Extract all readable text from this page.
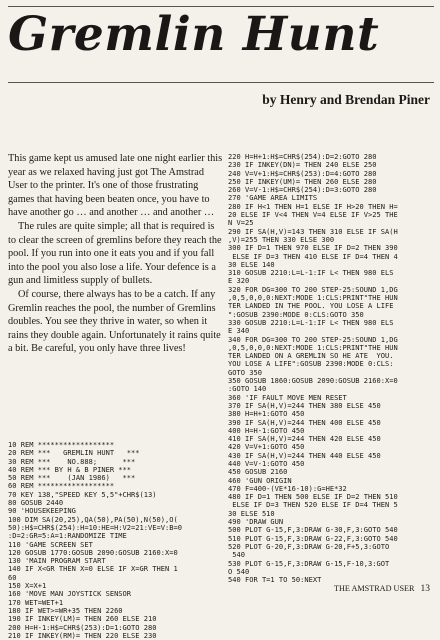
Gremlin Hunt

by Henry and Brendan Piner

This game kept us amused late one night earlier this year as we relaxed having just got The Amstrad User to the printer. It's one of those frustrating games that having been beaten once, you have to have another go … and another … and another …

The rules are quite simple; all that is required is to clear the screen of gremlins before they reach the pool. If you run into one it eats you and if you fall into the pool you also lose a life. Your defence is a gun and limitless supply of bullets.

Of course, there always has to be a catch. If any Gremlin reaches the pool, the number of Gremlins doubles. You see they thrive in water, so when it rains they double again. Unfortunately it rains quite a bit. Be careful, you only have three lives!

10 REM ******************
20 REM ***   GREMLIN HUNT   ***
30 REM ***    NO.888;      ***
40 REM *** BY H & B PINER ***
50 REM ***    (JAN 1986)   ***
60 REM ******************
70 KEY 138,"SPEED KEY 5,5"+CHR$(13)
80 GOSUB 2440
90 'HOUSEKEEPING
100 DIM SA(20,25),QA(50),PA(50),N(50),O(
50):H$=CHR$(254):H=10:HE=H:V2=21:VE=V:B=0
:D=2:GR=5:A=1:RANDOMIZE TIME
110 'GAME SCREEN SET
120 GOSUB 1770:GOSUB 2090:GOSUB 2160:X=0
130 'MAIN PROGRAM START
140 IF X<GR THEN X=0 ELSE IF X=GR THEN 1
60
150 X=X+1
160 'MOVE MAN JOYSTICK SENSOR
170 WET=WET+1
180 IF WET>=WR+35 THEN 2260
190 IF INKEY(LM)= THEN 260 ELSE 210
200 H=H-1:H$=CHR$(253):D=1:GOTO 280
210 IF INKEY(RM)= THEN 220 ELSE 230
220 H=H+1:H$=CHR$(254):D=2:GOTO 280
230 IF INKEY(DN)= THEN 240 ELSE 250
240 V=V+1:H$=CHR$(253):D=4:GOTO 280
250 IF INKEY(UM)= THEN 260 ELSE 280
260 V=V-1:H$=CHR$(254):D=3:GOTO 280
270 'GAME AREA LIMITS
280 IF H<1 THEN H=1 ELSE IF H>20 THEN H=
20 ELSE IF V<4 THEN V=4 ELSE IF V>25 THE
N V=25
290 IF SA(H,V)=143 THEN 310 ELSE IF SA(H
,V)=255 THEN 330 ELSE 300
300 IF D=1 THEN 970 ELSE IF D=2 THEN 390
ELSE IF D=3 THEN 410 ELSE IF D=4 THEN 4
30 ELSE 140
310 GOSUB 2210:L=L-1:IF L< THEN 980 ELS
E 320
320 FOR DG=300 TO 200 STEP-25:SOUND 1,DG
,0,5,0,0,0:NEXT:MODE 1:CLS:PRINT"THE HUN
TER LANDED IN THE POOL. YOU LOSE A LIFE
":GOSUB 2390:MODE 0:CLS:GOTO 350
330 GOSUB 2210:L=L-1:IF L< THEN 980 ELS
E 340
340 FOR DG=300 TO 200 STEP-25:SOUND 1,DG
,0,5,0,0,0:NEXT:MODE 1:CLS:PRINT"THE HUN
TER LANDED ON A GREMLIN SO HE ATE  YOU.
YOU LOSE A LIFE":GOSUB 2390:MODE 0:CLS:
GOTO 350
350 GOSUB 1860:GOSUB 2090:GOSUB 2160:X=0
:GOTO 140
360 'IF FAULT MOVE MEN RESET
370 IF SA(H,V)=244 THEN 380 ELSE 450
380 H=H+1:GOTO 450
390 IF SA(H,V)=244 THEN 400 ELSE 450
400 H=H-1:GOTO 450
410 IF SA(H,V)=244 THEN 420 ELSE 450
420 V=V+1:GOTO 450
430 IF SA(H,V)=244 THEN 440 ELSE 450
440 V=V-1:GOTO 450
450 GOSUB 2160
460 'GUN ORIGIN
470 F=400-(VE*16-10):G=HE*32
480 IF D=1 THEN 500 ELSE IF D=2 THEN 510
ELSE IF D=3 THEN 520 ELSE IF D=4 THEN 5
30 ELSE 510
490 'DRAW GUN
500 PLOT G-15,F,3:DRAW G-30,F,3:GOTO 540
510 PLOT G-15,F,3:DRAW G-22,F,3:GOTO 540
520 PLOT G-20,F,3:DRAW G-20,F+5,3:GOTO
540
530 PLOT G-15,F,3:DRAW G-15,F-10,3:GOT
O 540
540 FOR T=1 TO 50:NEXT
THE AMSTRAD USER 13
